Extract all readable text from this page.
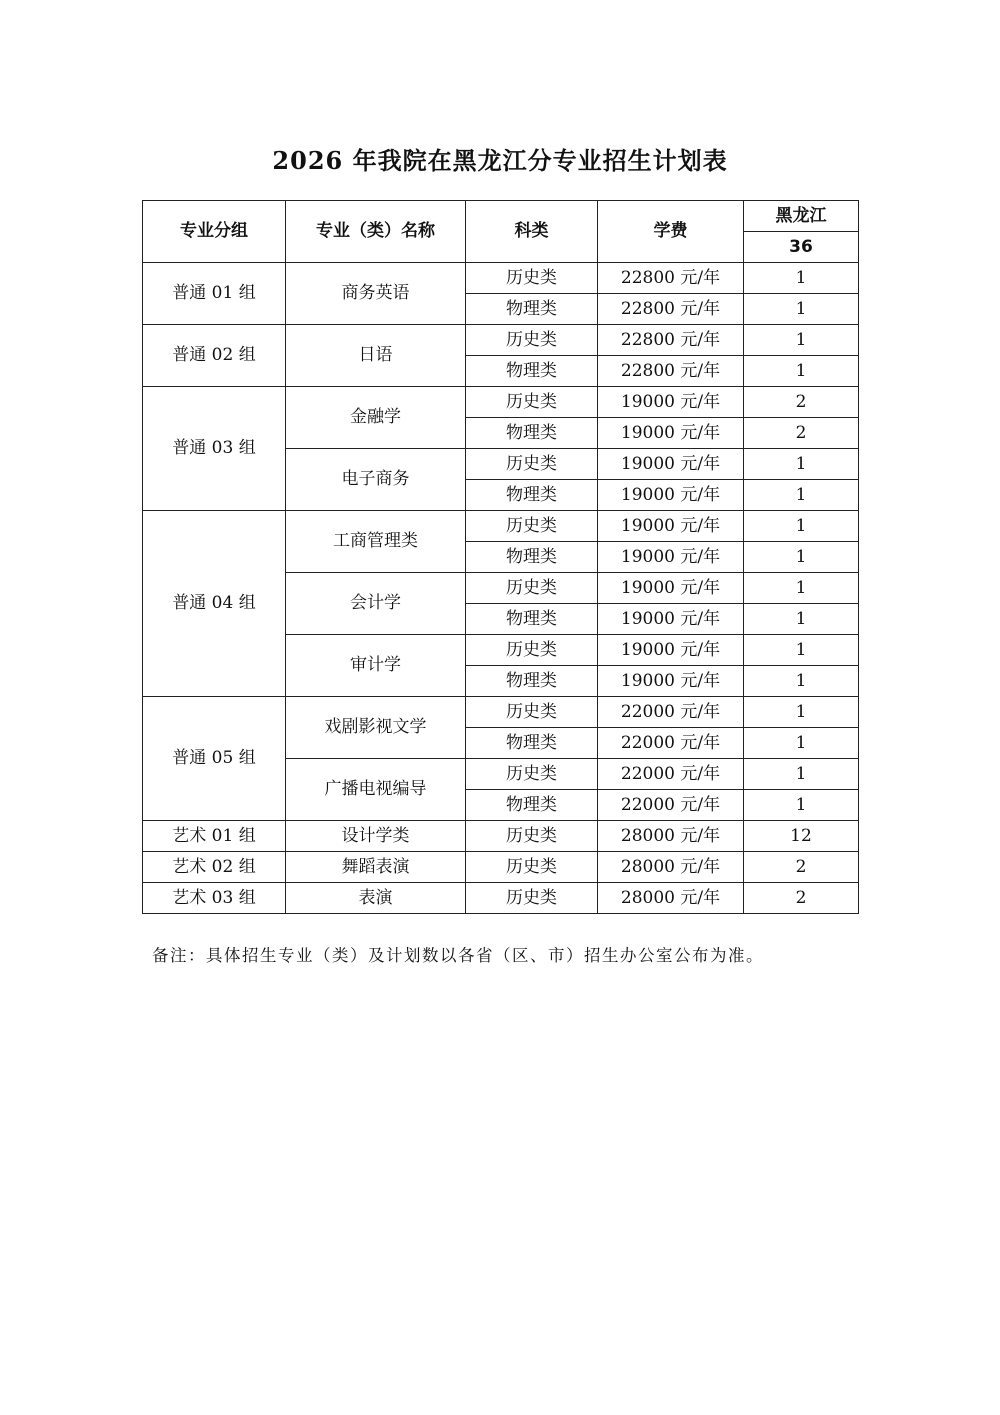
2026 年我院在黑龙江分专业招生计划表
专业分组	专业（类）名称	科类	学费	黑龙江
				36
普通 01 组	商务英语	历史类	22800 元/年	1
		物理类	22800 元/年	1
普通 02 组	日语	历史类	22800 元/年	1
		物理类	22800 元/年	1
普通 03 组	金融学	历史类	19000 元/年	2
		物理类	19000 元/年	2
	电子商务	历史类	19000 元/年	1
		物理类	19000 元/年	1
普通 04 组	工商管理类	历史类	19000 元/年	1
		物理类	19000 元/年	1
	会计学	历史类	19000 元/年	1
		物理类	19000 元/年	1
	审计学	历史类	19000 元/年	1
		物理类	19000 元/年	1
普通 05 组	戏剧影视文学	历史类	22000 元/年	1
		物理类	22000 元/年	1
	广播电视编导	历史类	22000 元/年	1
		物理类	22000 元/年	1
艺术 01 组	设计学类	历史类	28000 元/年	12
艺术 02 组	舞蹈表演	历史类	28000 元/年	2
艺术 03 组	表演	历史类	28000 元/年	2
备注：具体招生专业（类）及计划数以各省（区、市）招生办公室公布为准。
